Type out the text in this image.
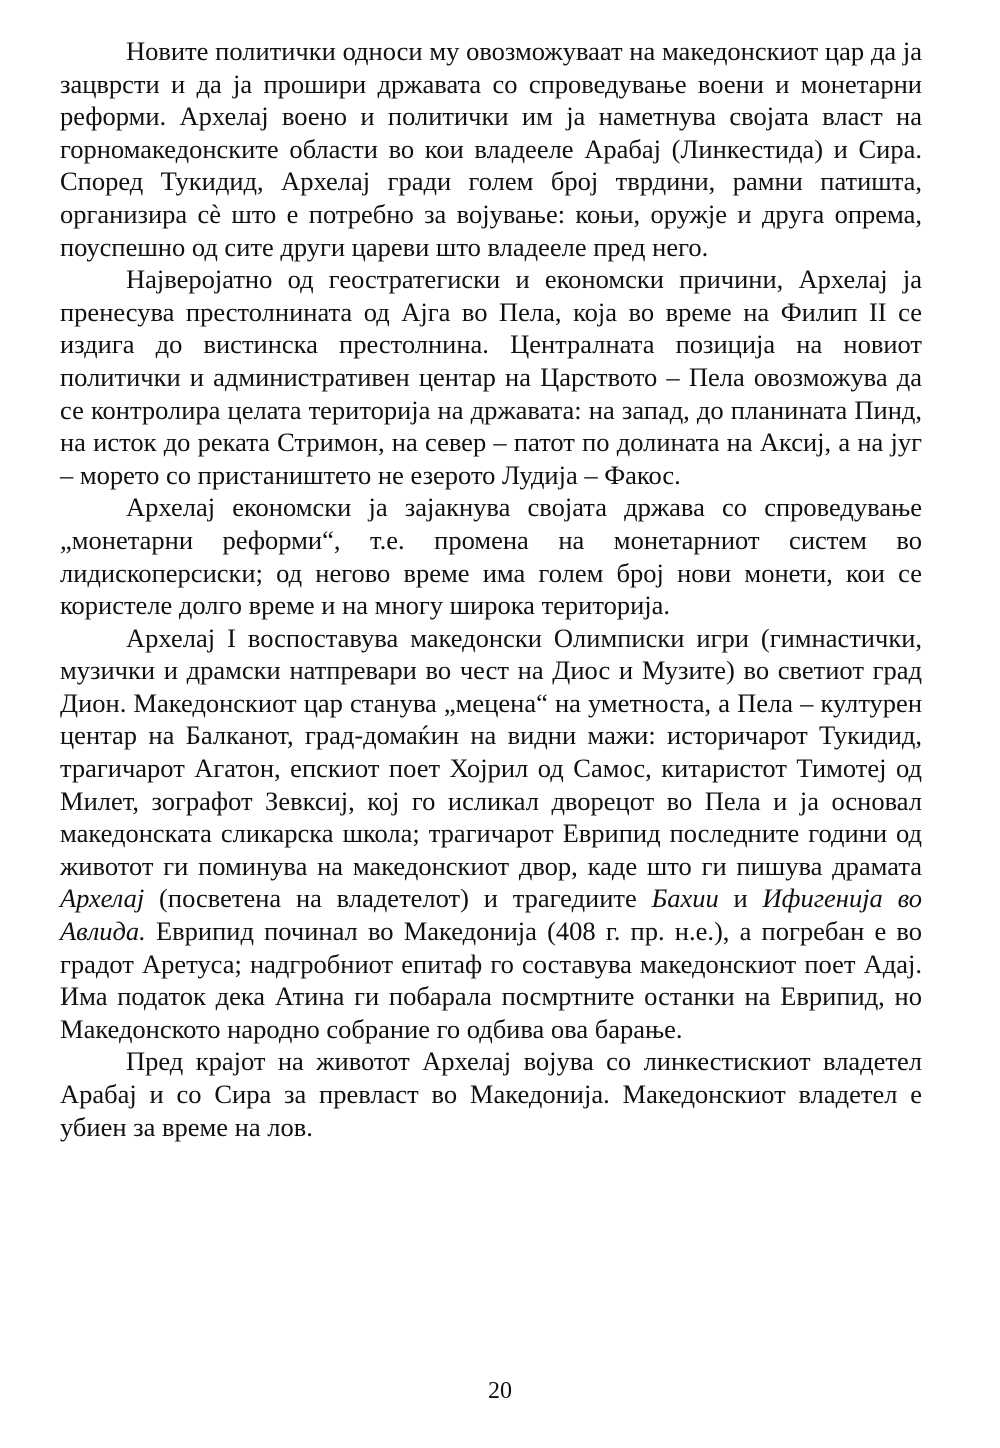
Новите политички односи му овозможуваат на македонскиот цар да ја зацврсти и да ја прошири државата со спроведување воени и монетарни реформи. Архелај воено и политички им ја наметнува својата власт на горномакедонските области во кои владееле Арабај (Линкестида) и Сира. Според Тукидид, Архелај гради голем број тврдини, рамни патишта, организира сè што е потребно за војување: коњи, оружје и друга опрема, поуспешно од сите други цареви што владееле пред него.

Најверојатно од геостратегиски и економски причини, Архелај ја пренесува престолнината од Ајга во Пела, која во време на Филип II се издига до вистинска престолнина. Централната позиција на новиот политички и административен центар на Царството – Пела овозможува да се контролира целата територија на државата: на запад, до планината Пинд, на исток до реката Стримон, на север – патот по долината на Аксиј, а на југ – морето со пристаништето не езерото Лудија – Факос.

Архелај економски ја зајакнува својата држава со спроведување „монетарни реформи“, т.е. промена на монетарниот систем во лидископерсиски; од негово време има голем број нови монети, кои се користеле долго време и на многу широка територија.

Архелај I воспоставува македонски Олимписки игри (гимнастички, музички и драмски натпревари во чест на Диос и Музите) во светиот град Дион. Македонскиот цар станува „мецена“ на уметноста, а Пела – културен центар на Балканот, град-домаќин на видни мажи: историчарот Тукидид, трагичарот Агатон, епскиот поет Хојрил од Самос, китаристот Тимотеј од Милет, зографот Зевксиј, кој го исликал дворецот во Пела и ја основал македонската сликарска школа; трагичарот Еврипид последните години од животот ги поминува на македонскиот двор, каде што ги пишува драмата Архелај (посветена на владетелот) и трагедиите Бахии и Ифигенија во Авлида. Еврипид починал во Македонија (408 г. пр. н.е.), а погребан е во градот Аретуса; надгробниот епитаф го составува македонскиот поет Адај. Има податок дека Атина ги побарала посмртните останки на Еврипид, но Македонското народно собрание го одбива ова барање.

Пред крајот на животот Архелај војува со линкестискиот владетел Арабај и со Сира за превласт во Македонија. Македонскиот владетел е убиен за време на лов.

20
